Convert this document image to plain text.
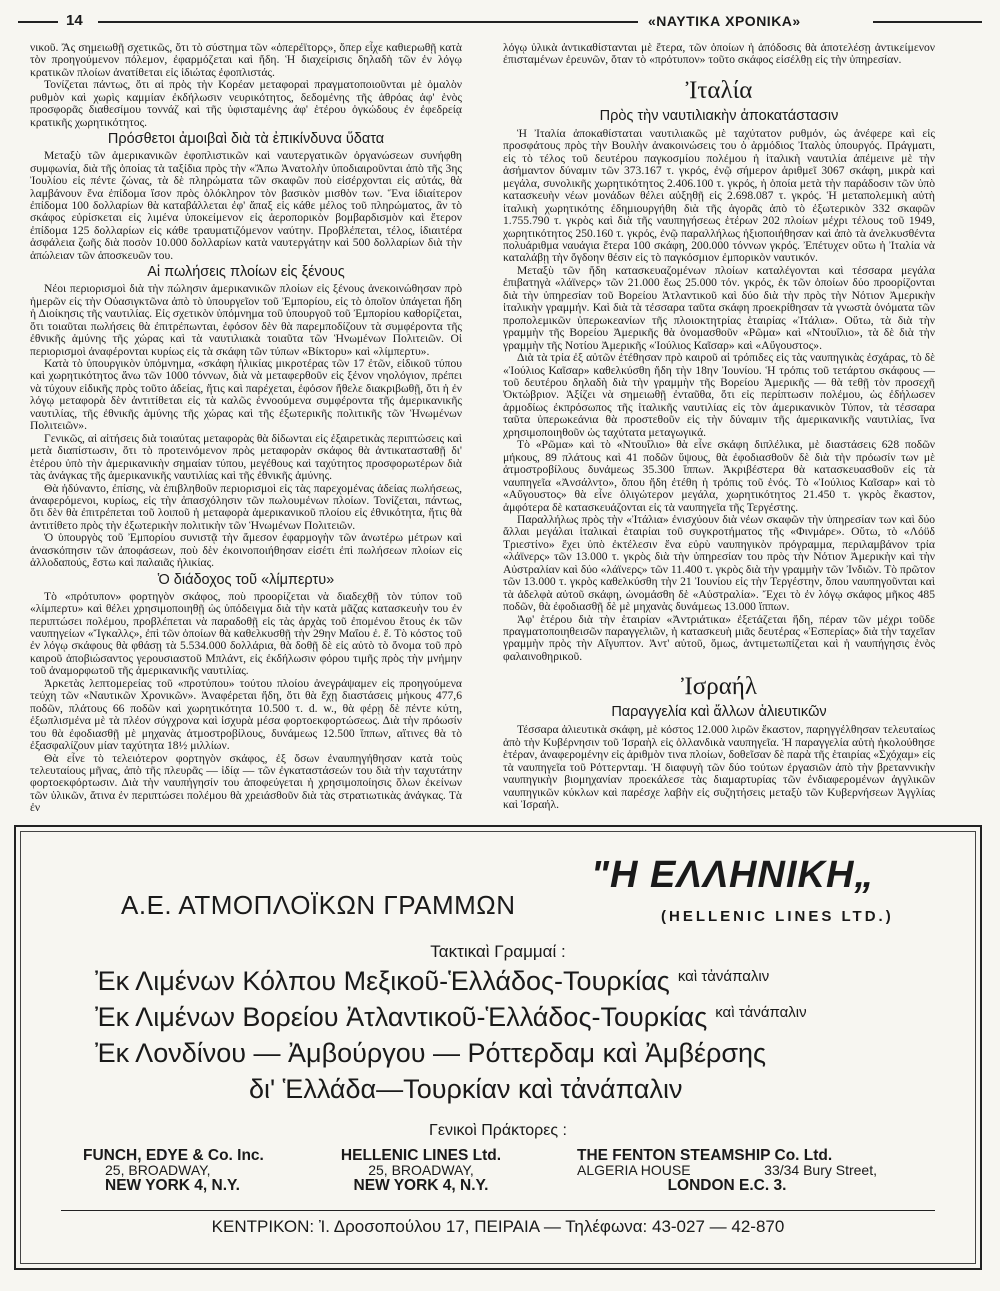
14	«ΝΑΥΤΙΚΑ ΧΡΟΝΙΚΑ»

νικοῦ. Ἂς σημειωθῇ σχετικῶς, ὅτι τὸ σύστημα τῶν «ὀπερέϊτορς», ὅπερ εἶχε καθιερωθῇ κατὰ τὸν προηγούμενον πόλεμον, ἐφαρμόζεται καὶ ἤδη. Ἡ διαχείρισις δηλαδὴ τῶν ἐν λόγῳ κρατικῶν πλοίων ἀνατίθεται εἰς ἰδιώτας ἐφοπλιστάς.

Τονίζεται πάντως, ὅτι αἱ πρὸς τὴν Κορέαν μεταφοραὶ πραγματοποιοῦνται μὲ ὁμαλὸν ρυθμὸν καὶ χωρὶς καμμίαν ἐκδήλωσιν νευρικότητος, δεδομένης τῆς ἀθρόας ἀφ' ἑνὸς προσφορᾶς διαθεσίμου τοννάζ καὶ τῆς ὑφισταμένης ἀφ' ἑτέρου ὀγκώδους ἐν ἐφεδρείᾳ κρατικῆς χωρητικότητος.

Πρόσθετοι ἀμοιβαὶ διὰ τὰ ἐπικίνδυνα ὕδατα

Μεταξὺ τῶν ἀμερικανικῶν ἐφοπλιστικῶν καὶ ναυτεργατικῶν ὀργανώσεων συνήφθη συμφωνία, διὰ τῆς ὁποίας τὰ ταξίδια πρὸς τὴν «Ἄπω Ἀνατολὴν ὑποδιαιροῦνται ἀπὸ τῆς 3ης Ἰουλίου εἰς πέντε ζώνας, τὰ δὲ πληρώματα τῶν σκαφῶν ποὺ εἰσέρχονται εἰς αὐτάς, θὰ λαμβάνουν ἕνα ἐπίδομα ἴσον πρὸς ὁλόκληρον τὸν βασικὸν μισθὸν των. Ἕνα ἰδιαίτερον ἐπίδομα 100 δολλαρίων θὰ καταβάλλεται ἐφ' ἅπαξ εἰς κάθε μέλος τοῦ πληρώματος, ἂν τὸ σκάφος εὑρίσκεται εἰς λιμένα ὑποκείμενον εἰς ἀεροπορικὸν βομβαρδισμὸν καὶ ἕτερον ἐπίδομα 125 δολλαρίων εἰς κάθε τραυματιζόμενον ναύτην. Προβλέπεται, τέλος, ἰδιαιτέρα ἀσφάλεια ζωῆς διὰ ποσὸν 10.000 δολλαρίων κατὰ ναυτεργάτην καὶ 500 δολλαρίων διὰ τὴν ἀπώλειαν τῶν ἀποσκευῶν του.

Αἱ πωλήσεις πλοίων εἰς ξένους

Νέοι περιορισμοὶ διὰ τὴν πώλησιν ἀμερικανικῶν πλοίων εἰς ξένους ἀνεκοινώθησαν πρὸ ἡμερῶν εἰς τὴν Οὐασιγκτῶνα ἀπὸ τὸ ὑπουργεῖον τοῦ Ἐμπορίου, εἰς τὸ ὁποῖον ὑπάγεται ἤδη ἡ Διοίκησις τῆς ναυτιλίας. Εἰς σχετικὸν ὑπόμνημα τοῦ ὑπουργοῦ τοῦ Ἐμπορίου καθορίζεται, ὅτι τοιαῦται πωλήσεις θὰ ἐπιτρέπωνται, ἐφόσον δὲν θὰ παρεμποδίζουν τὰ συμφέροντα τῆς ἐθνικῆς ἀμύνης τῆς χώρας καὶ τὰ ναυτιλιακὰ τοιαῦτα τῶν Ἡνωμένων Πολιτειῶν. Οἱ περιορισμοὶ ἀναφέρονται κυρίως εἰς τὰ σκάφη τῶν τύπων «Βίκτορυ» καὶ «λίμπερτυ».

Κατὰ τὸ ὑπουργικὸν ὑπόμνημα, «σκάφη ἡλικίας μικροτέρας τῶν 17 ἐτῶν, εἰδικοῦ τύπου καὶ χωρητικότητος ἄνω τῶν 1000 τόννων, διὰ νὰ μεταφερθοῦν εἰς ξένον νηολόγιον, πρέπει νὰ τύχουν εἰδικῆς πρὸς τοῦτο ἀδείας, ἥτις καὶ παρέχεται, ἐφόσον ἤθελε διακριβωθῇ, ὅτι ἡ ἐν λόγῳ μεταφορὰ δὲν ἀντιτίθεται εἰς τὰ καλῶς ἐννοούμενα συμφέροντα τῆς ἀμερικανικῆς ναυτιλίας, τῆς ἐθνικῆς ἀμύνης τῆς χώρας καὶ τῆς ἐξωτερικῆς πολιτικῆς τῶν Ἡνωμένων Πολιτειῶν».

Γενικῶς, αἱ αἰτήσεις διὰ τοιαύτας μεταφορὰς θὰ δίδωνται εἰς ἐξαιρετικὰς περιπτώσεις καὶ μετὰ διαπίστωσιν, ὅτι τὸ προτεινόμενον πρὸς μεταφορὰν σκάφος θὰ ἀντικατασταθῇ δι' ἑτέρου ὑπὸ τὴν ἀμερικανικὴν σημαίαν τύπου, μεγέθους καὶ ταχύτητος προσφορωτέρων διὰ τὰς ἀνάγκας τῆς ἀμερικανικῆς ναυτιλίας καὶ τῆς ἐθνικῆς ἀμύνης.

Θὰ ἠδύναντο, ἐπίσης, νὰ ἐπιβληθοῦν περιορισμοὶ εἰς τὰς παρεχομένας ἀδείας πωλήσεως, ἀναφερόμενοι, κυρίως, εἰς τὴν ἀπασχόλησιν τῶν πωλουμένων πλοίων. Τονίζεται, πάντως, ὅτι δὲν θὰ ἐπιτρέπεται τοῦ λοιποῦ ἡ μεταφορὰ ἀμερικανικοῦ πλοίου εἰς ἐθνικότητα, ἥτις θὰ ἀντιτίθετο πρὸς τὴν ἐξωτερικὴν πολιτικὴν τῶν Ἡνωμένων Πολιτειῶν.

Ὁ ὑπουργὸς τοῦ Ἐμπορίου συνιστᾷ τὴν ἄμεσον ἐφαρμογὴν τῶν ἀνωτέρω μέτρων καὶ ἀνασκόπησιν τῶν ἀποφάσεων, ποὺ δὲν ἐκοινοποιήθησαν εἰσέτι ἐπὶ πωλήσεων πλοίων εἰς ἀλλοδαπούς, ἔστω καὶ παλαιᾶς ἡλικίας.

Ὁ διάδοχος τοῦ «λίμπερτυ»

Τὸ «πρότυπον» φορτηγὸν σκάφος, ποὺ προορίζεται νὰ διαδεχθῇ τὸν τύπον τοῦ «λίμπερτυ» καὶ θέλει χρησιμοποιηθῇ ὡς ὑπόδειγμα διὰ τὴν κατὰ μᾶζας κατασκευὴν του ἐν περιπτώσει πολέμου, προβλέπεται νὰ παραδοθῇ εἰς τὰς ἀρχὰς τοῦ ἐπομένου ἔτους ἐκ τῶν ναυπηγείων «Ἴγκαλλς», ἐπὶ τῶν ὁποίων θὰ καθελκυσθῇ τὴν 29ην Μαΐου ἐ. ἔ. Τὸ κόστος τοῦ ἐν λόγῳ σκάφους θὰ φθάσῃ τὰ 5.534.000 δολλάρια, θὰ δοθῇ δὲ εἰς αὐτὸ τὸ ὄνομα τοῦ πρὸ καιροῦ ἀποβιώσαντος γερουσιαστοῦ Μπλάντ, εἰς ἐκδήλωσιν φόρου τιμῆς πρὸς τὴν μνήμην τοῦ ἀναμορφωτοῦ τῆς ἀμερικανικῆς ναυτιλίας.

Ἀρκετὰς λεπτομερείας τοῦ «προτύπου» τούτου πλοίου ἀνεγράψαμεν εἰς προηγούμενα τεύχη τῶν «Ναυτικῶν Χρονικῶν». Ἀναφέρεται ἤδη, ὅτι θὰ ἔχῃ διαστάσεις μήκους 477,6 ποδῶν, πλάτους 66 ποδῶν καὶ χωρητικότητα 10.500 τ. d. w., θὰ φέρῃ δὲ πέντε κύτη, ἐξωπλισμένα μὲ τὰ πλέον σύγχρονα καὶ ἰσχυρὰ μέσα φορτοεκφορτώσεως. Διὰ τὴν πρόωσίν του θὰ ἐφοδιασθῇ μὲ μηχανὰς ἀτμοστροβίλους, δυνάμεως 12.500 ἵππων, αἵτινες θὰ τὸ ἐξασφαλίζουν μίαν ταχύτητα 18½ μιλλίων.

Θὰ εἶνε τὸ τελειότερον φορτηγὸν σκάφος, ἐξ ὅσων ἐναυπηγήθησαν κατὰ τοὺς τελευταίους μῆνας, ἀπὸ τῆς πλευρᾶς — ἰδίᾳ — τῶν ἐγκαταστάσεών του διὰ τὴν ταχυτάτην φορτοεκφόρτωσιν. Διὰ τὴν ναυπήγησίν του ἀποφεύγεται ἡ χρησιμοποίησις ὅλων ἐκείνων τῶν ὑλικῶν, ἅτινα ἐν περιπτώσει πολέμου θὰ χρειάσθοῦν διὰ τὰς στρατιωτικὰς ἀνάγκας. Τὰ ἐν

λόγῳ ὑλικὰ ἀντικαθίστανται μὲ ἕτερα, τῶν ὁποίων ἡ ἀπόδοσις θὰ ἀποτελέσῃ ἀντικείμενον ἐπισταμένων ἐρευνῶν, ὅταν τὸ «πρότυπον» τοῦτο σκάφος εἰσέλθῃ εἰς τὴν ὑπηρεσίαν.

Ἰταλία
Πρὸς τὴν ναυτιλιακὴν ἀποκατάστασιν

Ἡ Ἰταλία ἀποκαθίσταται ναυτιλιακῶς μὲ ταχύτατον ρυθμόν, ὡς ἀνέφερε καὶ εἰς προσφάτους πρὸς τὴν Βουλὴν ἀνακοινώσεις του ὁ ἁρμόδιος Ἰταλὸς ὑπουργός. Πράγματι, εἰς τὸ τέλος τοῦ δευτέρου παγκοσμίου πολέμου ἡ ἰταλικὴ ναυτιλία ἀπέμεινε μὲ τὴν ἀσήμαντον δύναμιν τῶν 373.167 τ. γκρός, ἐνῷ σήμερον ἀριθμεῖ 3067 σκάφη, μικρὰ καὶ μεγάλα, συνολικῆς χωρητικότητος 2.406.100 τ. γκρός, ἡ ὁποία μετὰ τὴν παράδοσιν τῶν ὑπὸ κατασκευὴν νέων μονάδων θέλει αὐξηθῇ εἰς 2.698.087 τ. γκρός. Ἡ μεταπολεμικὴ αὐτὴ ἰταλικὴ χωρητικότης ἐδημιουργήθη διὰ τῆς ἀγορᾶς ἀπὸ τὸ ἐξωτερικὸν 332 σκαφῶν 1.755.790 τ. γκρὸς καὶ διὰ τῆς ναυπηγήσεως ἑτέρων 202 πλοίων μέχρι τέλους τοῦ 1949, χωρητικότητος 250.160 τ. γκρός, ἐνῷ παραλλήλως ἠξιοποιήθησαν καὶ ἀπὸ τὰ ἀνελκυσθέντα πολυάριθμα ναυάγια ἕτερα 100 σκάφη, 200.000 τόννων γκρός. Ἐπέτυχεν οὕτω ἡ Ἰταλία νὰ καταλάβῃ τὴν ὄγδοην θέσιν εἰς τὸ παγκόσμιον ἐμπορικὸν ναυτικόν.

Μεταξὺ τῶν ἤδη κατασκευαζομένων πλοίων καταλέγονται καὶ τέσσαρα μεγάλα ἐπιβατηγὰ «λάϊνερς» τῶν 21.000 ἕως 25.000 τόν. γκρός, ἐκ τῶν ὁποίων δύο προορίζονται διὰ τὴν ὑπηρεσίαν τοῦ Βορείου Ἀτλαντικοῦ καὶ δύο διὰ τὴν πρὸς τὴν Νότιον Ἀμερικὴν ἰταλικὴν γραμμήν. Καὶ διὰ τὰ τέσσαρα ταῦτα σκάφη προεκρίθησαν τὰ γνωστὰ ὀνόματα τῶν προπολεμικῶν ὑπερωκεανίων τῆς πλοιοκτητρίας ἑταιρίας «Ἰτάλια». Οὕτω, τὰ διὰ τὴν γραμμὴν τῆς Βορείου Ἀμερικῆς θὰ ὀνομασθοῦν «Ρῶμα» καὶ «Ντουΐλιο», τὰ δὲ διὰ τὴν γραμμὴν τῆς Νοτίου Ἀμερικῆς «Ἰούλιος Καῖσαρ» καὶ «Αὔγουστος».

Διὰ τὰ τρία ἐξ αὐτῶν ἐτέθησαν πρὸ καιροῦ αἱ τρόπιδες εἰς τὰς ναυπηγικὰς ἐσχάρας, τὸ δὲ «Ἰούλιος Καῖσαρ» καθελκύσθη ἤδη τὴν 18ην Ἰουνίου. Ἡ τρόπις τοῦ τετάρτου σκάφους — τοῦ δευτέρου δηλαδὴ διὰ τὴν γραμμὴν τῆς Βορείου Ἀμερικῆς — θὰ τεθῇ τὸν προσεχῆ Ὀκτώβριον. Ἀξίζει νὰ σημειωθῇ ἐνταῦθα, ὅτι εἰς περίπτωσιν πολέμου, ὡς ἐδήλωσεν ἁρμοδίως ἐκπρόσωπος τῆς ἰταλικῆς ναυτιλίας εἰς τὸν ἀμερικανικὸν Τύπον, τὰ τέσσαρα ταῦτα ὑπερωκεάνια θὰ προστεθοῦν εἰς τὴν δύναμιν τῆς ἀμερικανικῆς ναυτιλίας, ἵνα χρησιμοποιηθοῦν ὡς ταχύτατα μεταγωγικά.

Τὸ «Ρῶμα» καὶ τὸ «Ντουΐλιο» θὰ εἶνε σκάφη διπλέλικα, μὲ διαστάσεις 628 ποδῶν μήκους, 89 πλάτους καὶ 41 ποδῶν ὕψους, θὰ ἐφοδιασθοῦν δὲ διὰ τὴν πρόωσίν των μὲ ἀτμοστροβίλους δυνάμεως 35.300 ἵππων. Ἀκριβέστερα θὰ κατασκευασθοῦν εἰς τὰ ναυπηγεῖα «Ἀνσάλντο», ὅπου ἤδη ἐτέθη ἡ τρόπις τοῦ ἑνός. Τὸ «Ἰούλιος Καῖσαρ» καὶ τὸ «Αὔγουστος» θὰ εἶνε ὀλιγώτερον μεγάλα, χωρητικότητος 21.450 τ. γκρὸς ἕκαστον, ἀμφότερα δὲ κατασκευάζονται εἰς τὰ ναυπηγεῖα τῆς Τεργέστης.

Παραλλήλως πρὸς τὴν «Ἰτάλια» ἐνισχύουν διὰ νέων σκαφῶν τὴν ὑπηρεσίαν των καὶ δύο ἄλλαι μεγάλαι ἰταλικαὶ ἑταιρίαι τοῦ συγκροτήματος τῆς «Φινμάρε». Οὕτω, τὸ «Λόϋδ Τριεστίνο» ἔχει ὑπὸ ἐκτέλεσιν ἕνα εὐρὺ ναυπηγικὸν πρόγραμμα, περιλαμβάνον τρία «λάϊνερς» τῶν 13.000 τ. γκρὸς διὰ τὴν ὑπηρεσίαν του πρὸς τὴν Νότιον Ἀμερικὴν καὶ τὴν Αὐστραλίαν καὶ δύο «λάϊνερς» τῶν 11.400 τ. γκρὸς διὰ τὴν γραμμὴν τῶν Ἰνδιῶν. Τὸ πρῶτον τῶν 13.000 τ. γκρὸς καθελκύσθη τὴν 21 Ἰουνίου εἰς τὴν Τεργέστην, ὅπου ναυπηγοῦνται καὶ τὰ ἀδελφὰ αὐτοῦ σκάφη, ὠνομάσθη δὲ «Αὐστραλία». Ἔχει τὸ ἐν λόγῳ σκάφος μῆκος 485 ποδῶν, θὰ ἐφοδιασθῇ δὲ μὲ μηχανὰς δυνάμεως 13.000 ἵππων.

Ἀφ' ἑτέρου διὰ τὴν ἑταιρίαν «Ἀντριάτικα» ἐξετάζεται ἤδη, πέραν τῶν μέχρι τοῦδε πραγματοποιηθεισῶν παραγγελιῶν, ἡ κατασκευὴ μιᾶς δευτέρας «Ἑσπερίας» διὰ τὴν ταχεῖαν γραμμὴν πρὸς τὴν Αἴγυπτον. Ἀντ' αὐτοῦ, ὅμως, ἀντιμετωπίζεται καὶ ἡ ναυπήγησις ἑνὸς φαλαινοθηρικοῦ.

Ἰσραήλ
Παραγγελία καὶ ἄλλων ἁλιευτικῶν

Τέσσαρα ἁλιευτικὰ σκάφη, μὲ κόστος 12.000 λιρῶν ἕκαστον, παρηγγέλθησαν τελευταίως ἀπὸ τὴν Κυβέρνησιν τοῦ Ἰσραὴλ εἰς ὁλλανδικὰ ναυπηγεῖα. Ἡ παραγγελία αὐτὴ ἠκολούθησε ἑτέραν, ἀναφερομένην εἰς ἀριθμὸν τινα πλοίων, δοθεῖσαν δὲ παρὰ τῆς ἑταιρίας «Σχόχαμ» εἰς τὰ ναυπηγεῖα τοῦ Ρόττερνταμ. Ἡ διαφυγὴ τῶν δύο τούτων ἐργασιῶν ἀπὸ τὴν βρεταννικὴν ναυπηγικὴν βιομηχανίαν προεκάλεσε τὰς διαμαρτυρίας τῶν ἐνδιαφερομένων ἀγγλικῶν ναυπηγικῶν κύκλων καὶ παρέσχε λαβὴν εἰς συζητήσεις μεταξὺ τῶν Κυβερνήσεων Ἀγγλίας καὶ Ἰσραήλ.

Α.Ε. ΑΤΜΟΠΛΟΪΚΩΝ ΓΡΑΜΜΩΝ
"Η ΕΛΛΗΝΙΚΗ„
(HELLENIC LINES LTD.)
Τακτικαὶ Γραμμαί :
Ἐκ Λιμένων Κόλπου Μεξικοῦ-Ἑλλάδος-Τουρκίας $^{\kappa\alpha ὶ \tau ἀ\nu ά\pi\alpha\lambda\iota\nu}$
Ἐκ Λιμένων Βορείου Ἀτλαντικοῦ-Ἑλλάδος-Τουρκίας $^{\kappa\alpha ὶ \tau ἀ\nu ά\pi\alpha\lambda\iota\nu}$
Ἐκ Λονδίνου — Ἀμβούργου — Ρόττερδαμ καὶ Ἀμβέρσης
δι' Ἑλλάδα—Τουρκίαν καὶ τἀνάπαλιν
Γενικοὶ Πράκτορες :
FUNCH, EDYE & Co. Inc.
25, BROADWAY,
NEW YORK 4, N.Y.
HELLENIC LINES Ltd.
25, BROADWAY,
NEW YORK 4, N.Y.
THE FENTON STEAMSHIP Co. Ltd.
ALGERIA HOUSE	33/34 Bury Street,
LONDON E.C. 3.
ΚΕΝΤΡΙΚΟΝ: Ἰ. Δροσοπούλου 17, ΠΕΙΡΑΙΑ — Τηλέφωνα: 43-027 — 42-870
